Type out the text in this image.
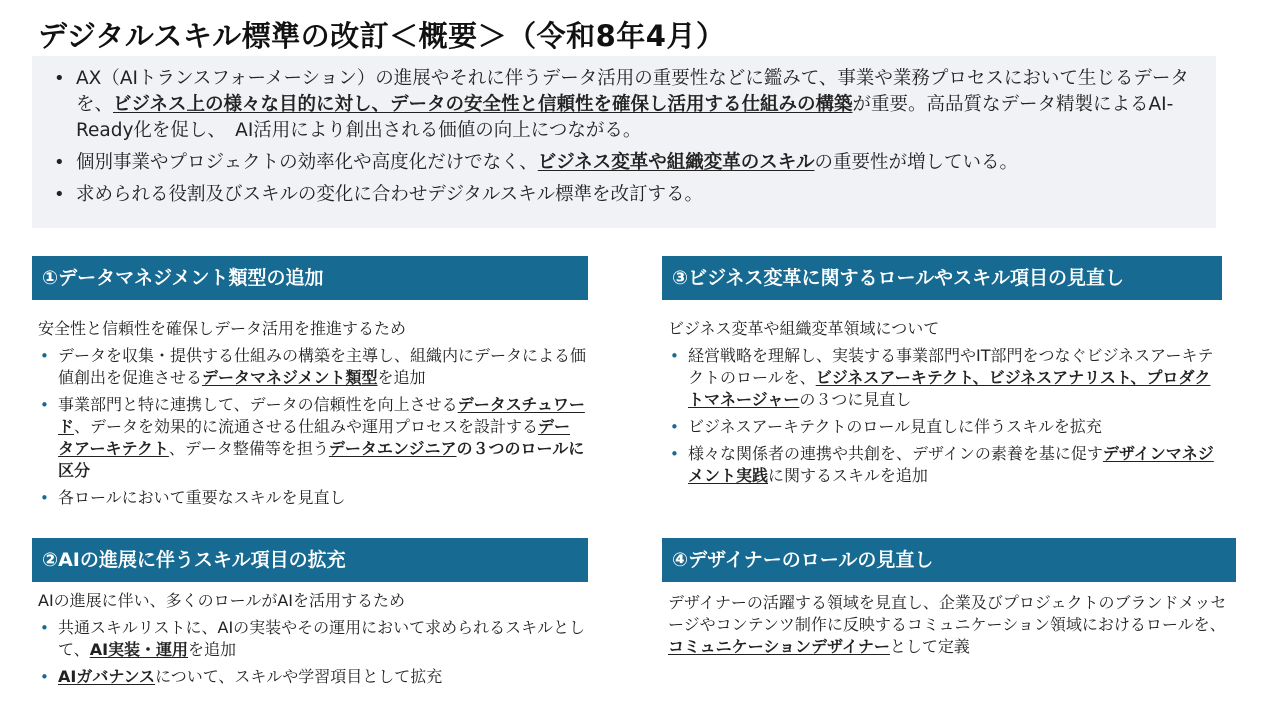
デジタルスキル標準の改訂＜概要＞（令和8年4月）
• AX（AIトランスフォーメーション）の進展やそれに伴うデータ活用の重要性などに鑑みて、事業や業務プロセスにおいて生じるデータを、ビジネス上の様々な目的に対し、データの安全性と信頼性を確保し活用する仕組みの構築が重要。高品質なデータ精製によるAI-Ready化を促し、　AI活用により創出される価値の向上につながる。
• 個別事業やプロジェクトの効率化や高度化だけでなく、ビジネス変革や組織変革のスキルの重要性が増している。
• 求められる役割及びスキルの変化に合わせデジタルスキル標準を改訂する。
①データマネジメント類型の追加
安全性と信頼性を確保しデータ活用を推進するため
• データを収集・提供する仕組みの構築を主導し、組織内にデータによる価値創出を促進させるデータマネジメント類型を追加
• 事業部門と特に連携して、データの信頼性を向上させるデータスチュワード、データを効果的に流通させる仕組みや運用プロセスを設計するデータアーキテクト、データ整備等を担うデータエンジニアの３つのロールに区分
• 各ロールにおいて重要なスキルを見直し
②AIの進展に伴うスキル項目の拡充
AIの進展に伴い、多くのロールがAIを活用するため
• 共通スキルリストに、AIの実装やその運用において求められるスキルとして、AI実装・運用を追加
• AIガバナンスについて、スキルや学習項目として拡充
③ビジネス変革に関するロールやスキル項目の見直し
ビジネス変革や組織変革領域について
• 経営戦略を理解し、実装する事業部門やIT部門をつなぐビジネスアーキテクトのロールを、ビジネスアーキテクト、ビジネスアナリスト、プロダクトマネージャーの３つに見直し
• ビジネスアーキテクトのロール見直しに伴うスキルを拡充
• 様々な関係者の連携や共創を、デザインの素養を基に促すデザインマネジメント実践に関するスキルを追加
④デザイナーのロールの見直し
デザイナーの活躍する領域を見直し、企業及びプロジェクトのブランドメッセージやコンテンツ制作に反映するコミュニケーション領域におけるロールを、コミュニケーションデザイナーとして定義
